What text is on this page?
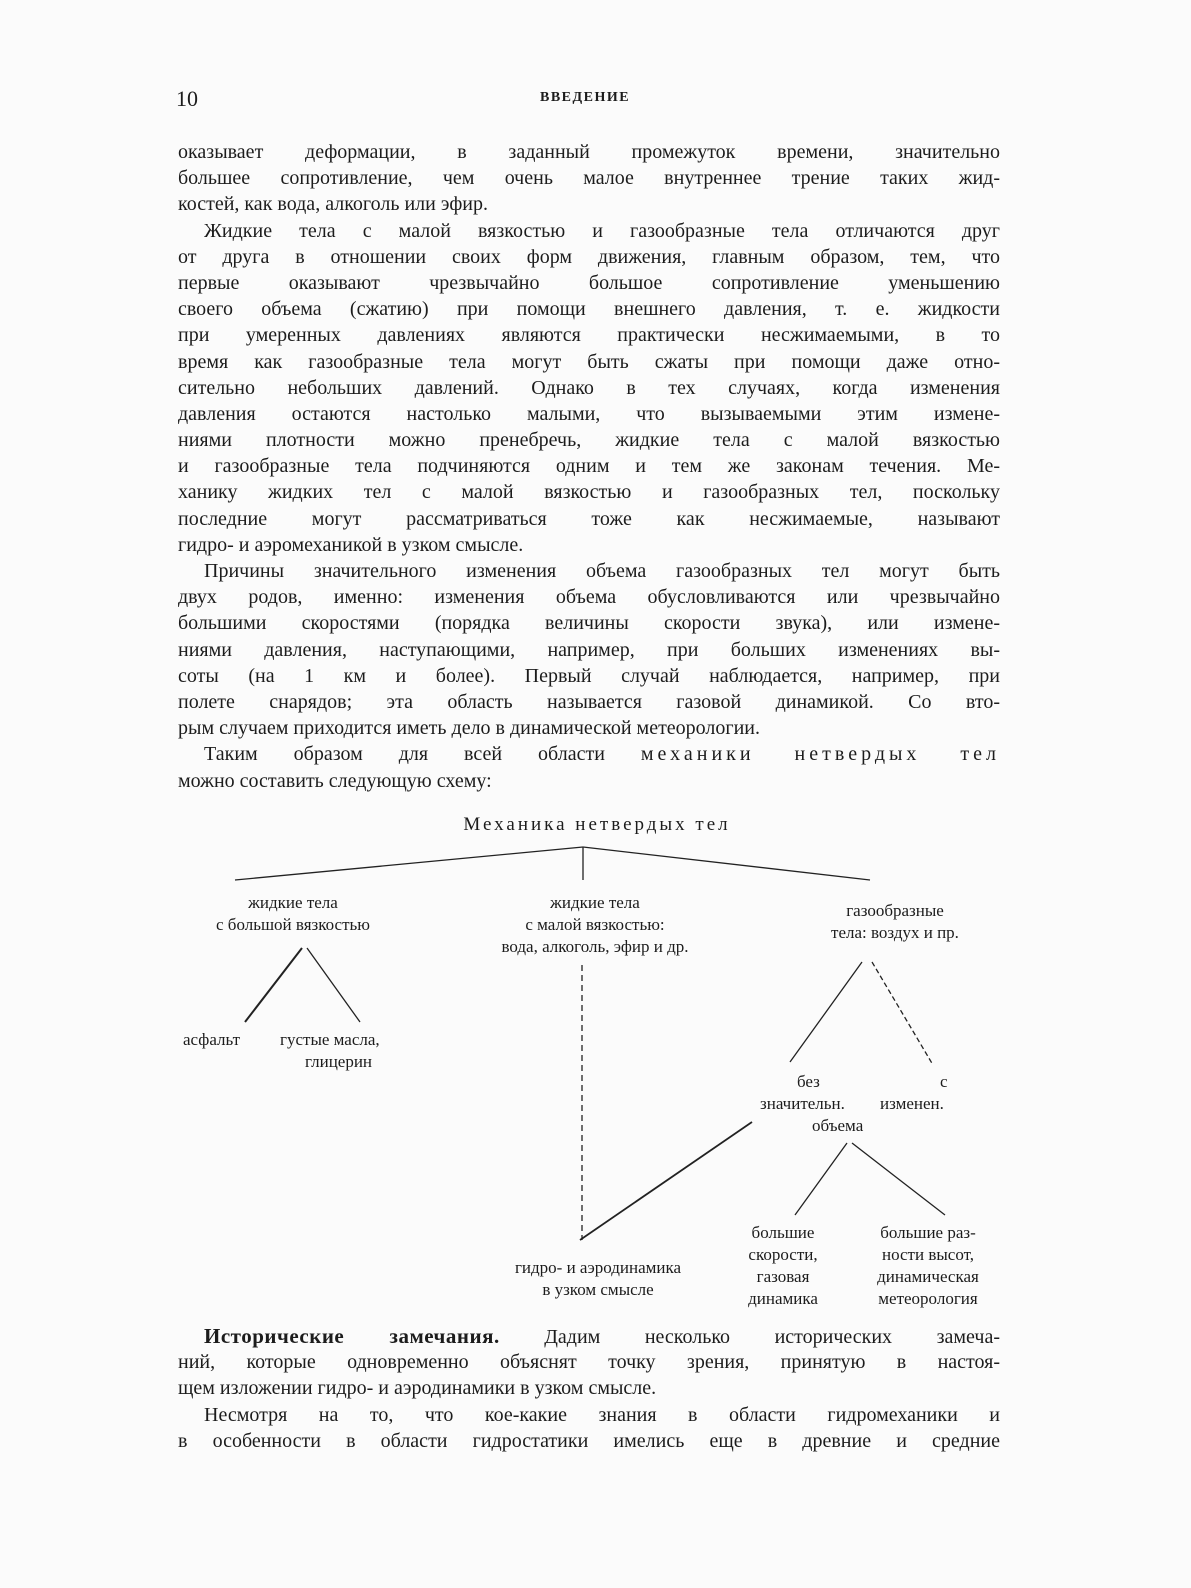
10	ВВЕДЕНИЕ
оказывает деформации, в заданный промежуток времени, значительно
большее сопротивление, чем очень малое внутреннее трение таких жид-
костей, как вода, алкоголь или эфир.
Жидкие тела с малой вязкостью и газообразные тела отличаются друг
от друга в отношении своих форм движения, главным образом, тем, что
первые оказывают чрезвычайно большое сопротивление уменьшению
своего объема (сжатию) при помощи внешнего давления, т. е. жидкости
при умеренных давлениях являются практически несжимаемыми, в то
время как газообразные тела могут быть сжаты при помощи даже отно-
сительно небольших давлений. Однако в тех случаях, когда изменения
давления остаются настолько малыми, что вызываемыми этим измене-
ниями плотности можно пренебречь, жидкие тела с малой вязкостью
и газообразные тела подчиняются одним и тем же законам течения. Ме-
ханику жидких тел с малой вязкостью и газообразных тел, поскольку
последние могут рассматриваться тоже как несжимаемые, называют
гидро- и аэромеханикой в узком смысле.
Причины значительного изменения объема газообразных тел могут быть
двух родов, именно: изменения объема обусловливаются или чрезвычайно
большими скоростями (порядка величины скорости звука), или измене-
ниями давления, наступающими, например, при больших изменениях вы-
соты (на 1 км и более). Первый случай наблюдается, например, при
полете снарядов; эта область называется газовой динамикой. Со вто-
рым случаем приходится иметь дело в динамической метеорологии.
Таким образом для всей области механики нетвердых тел
можно составить следующую схему:
Механика нетвердых тел
жидкие тела
с большой вязкостью
жидкие тела
с малой вязкостью:
вода, алкоголь, эфир и др.
газообразные
тела: воздух и пр.
асфальт густые масла,
глицерин
без
значительн.
объема
с
изменен.
гидро- и аэродинамика
в узком смысле
большие
скорости,
газовая
динамика
большие раз-
ности высот,
динамическая
метеорология
Исторические замечания. Дадим несколько исторических замеча-
ний, которые одновременно объяснят точку зрения, принятую в настоя-
щем изложении гидро- и аэродинамики в узком смысле.
Несмотря на то, что кое-какие знания в области гидромеханики и
в особенности в области гидростатики имелись еще в древние и средние
